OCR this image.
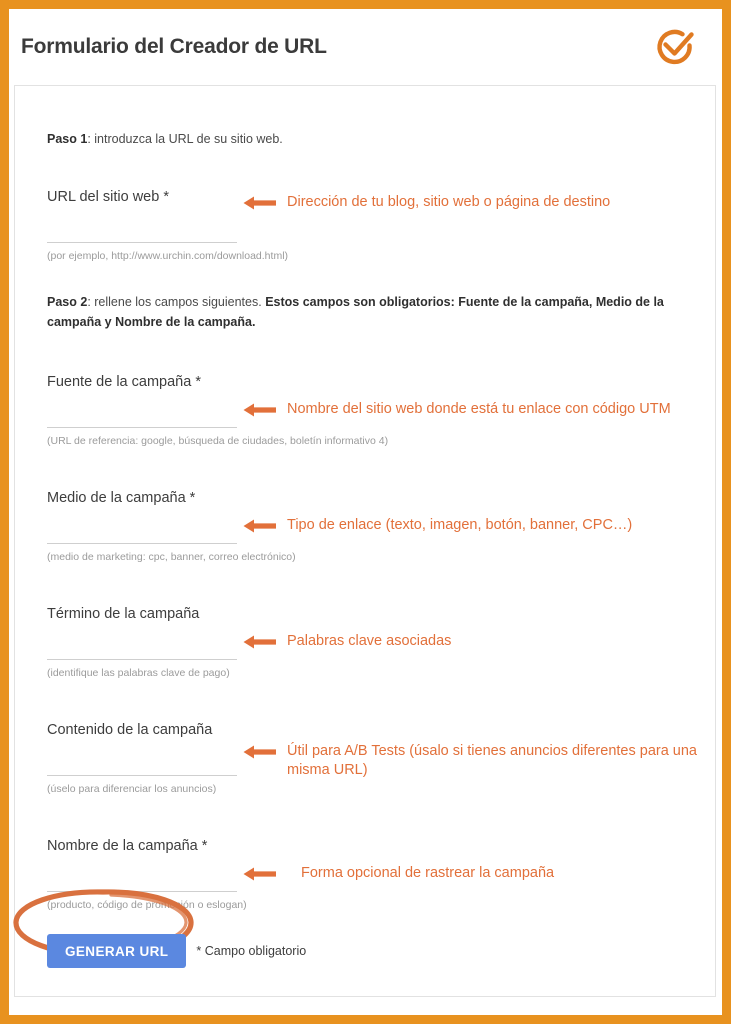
Formulario del Creador de URL
Paso 1: introduzca la URL de su sitio web.
URL del sitio web *
(por ejemplo, http://www.urchin.com/download.html)
Dirección de tu blog, sitio web o página de destino
Paso 2: rellene los campos siguientes. Estos campos son obligatorios: Fuente de la campaña, Medio de la campaña y Nombre de la campaña.
Fuente de la campaña *
(URL de referencia: google, búsqueda de ciudades, boletín informativo 4)
Nombre del sitio web donde está tu enlace con código UTM
Medio de la campaña *
(medio de marketing: cpc, banner, correo electrónico)
Tipo de enlace (texto, imagen, botón, banner, CPC…)
Término de la campaña
(identifique las palabras clave de pago)
Palabras clave asociadas
Contenido de la campaña
(úselo para diferenciar los anuncios)
Útil para A/B Tests (úsalo si tienes anuncios diferentes para una misma URL)
Nombre de la campaña *
(producto, código de promoción o eslogan)
Forma opcional de rastrear la campaña
GENERAR URL	* Campo obligatorio
